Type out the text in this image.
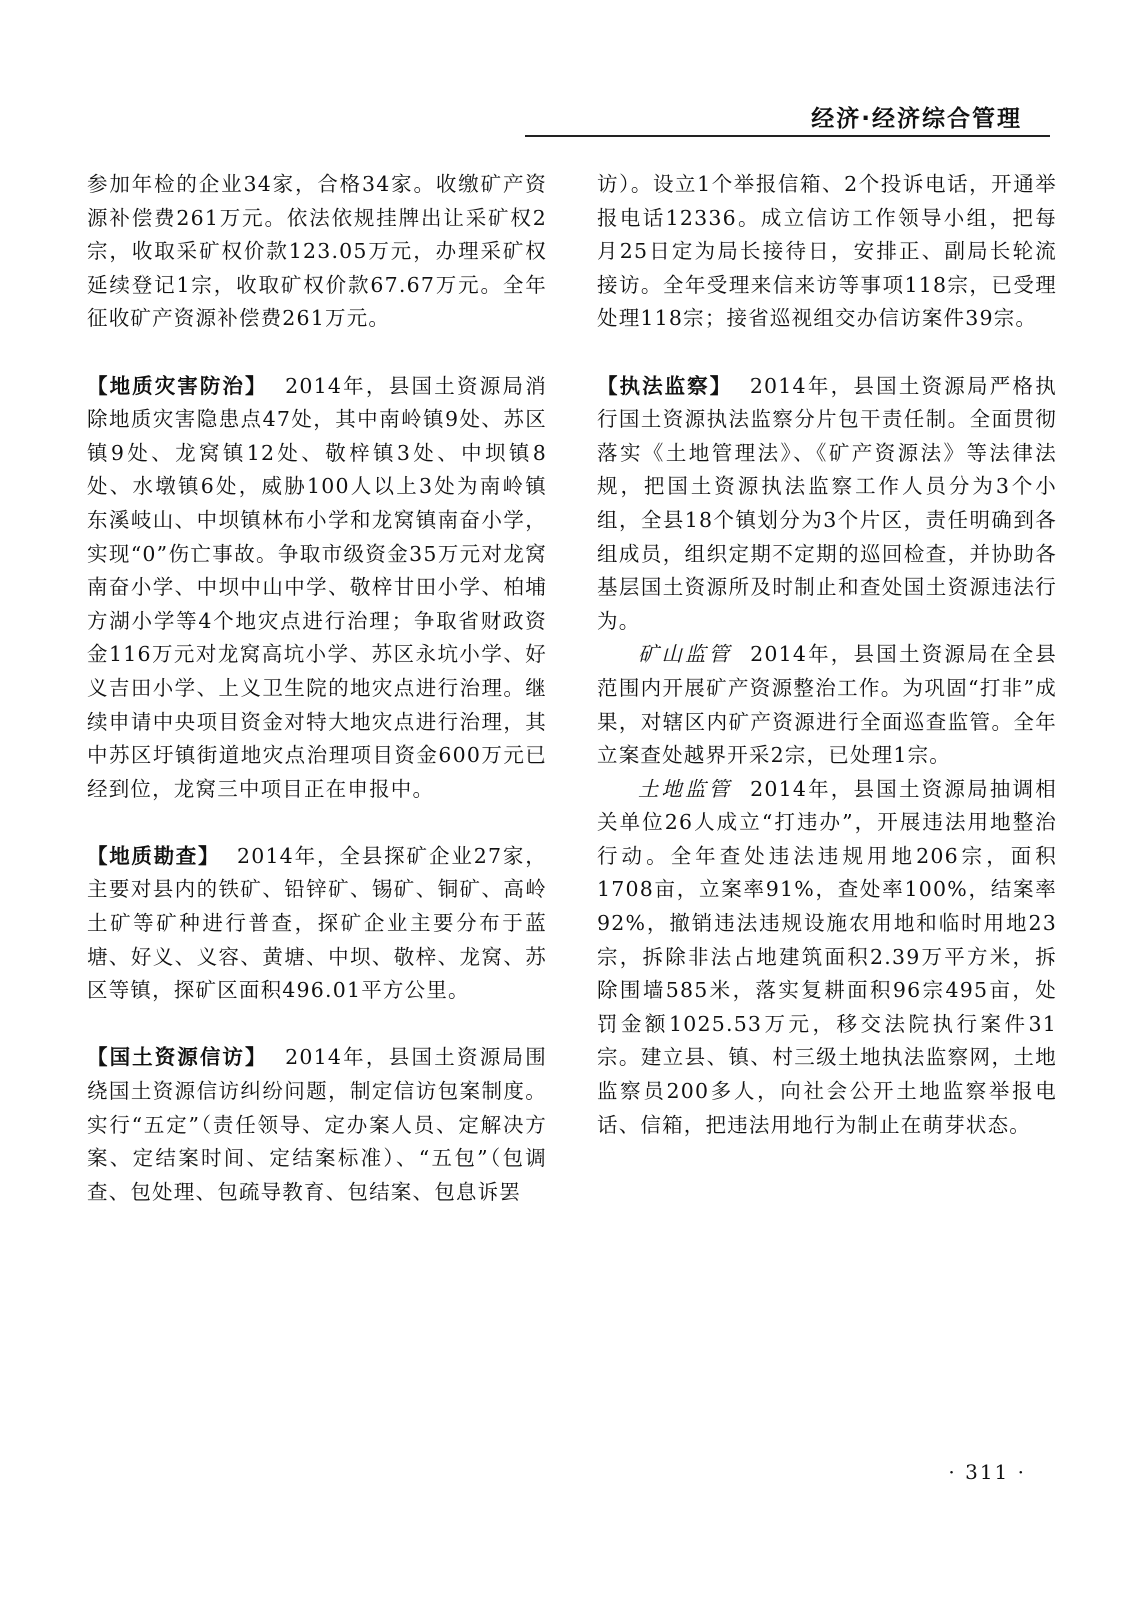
经济·经济综合管理

参加年检的企业34家，合格34家。收缴矿产资源补偿费261万元。依法依规挂牌出让采矿权2宗，收取采矿权价款123.05万元，办理采矿权延续登记1宗，收取矿权价款67.67万元。全年征收矿产资源补偿费261万元。

【地质灾害防治】 2014年，县国土资源局消除地质灾害隐患点47处，其中南岭镇9处、苏区镇9处、龙窝镇12处、敬梓镇3处、中坝镇8处、水墩镇6处，威胁100人以上3处为南岭镇东溪岐山、中坝镇林布小学和龙窝镇南奋小学，实现“0”伤亡事故。争取市级资金35万元对龙窝南奋小学、中坝中山中学、敬梓甘田小学、柏埔方湖小学等4个地灾点进行治理；争取省财政资金116万元对龙窝高坑小学、苏区永坑小学、好义吉田小学、上义卫生院的地灾点进行治理。继续申请中央项目资金对特大地灾点进行治理，其中苏区圩镇街道地灾点治理项目资金600万元已经到位，龙窝三中项目正在申报中。

【地质勘查】 2014年，全县探矿企业27家，主要对县内的铁矿、铅锌矿、锡矿、铜矿、高岭土矿等矿种进行普查，探矿企业主要分布于蓝塘、好义、义容、黄塘、中坝、敬梓、龙窝、苏区等镇，探矿区面积496.01平方公里。

【国土资源信访】 2014年，县国土资源局围绕国土资源信访纠纷问题，制定信访包案制度。实行“五定”（责任领导、定办案人员、定解决方案、定结案时间、定结案标准）、“五包”（包调查、包处理、包疏导教育、包结案、包息诉罢

访）。设立1个举报信箱、2个投诉电话，开通举报电话12336。成立信访工作领导小组，把每月25日定为局长接待日，安排正、副局长轮流接访。全年受理来信来访等事项118宗，已受理处理118宗；接省巡视组交办信访案件39宗。

【执法监察】 2014年，县国土资源局严格执行国土资源执法监察分片包干责任制。全面贯彻落实《土地管理法》、《矿产资源法》等法律法规，把国土资源执法监察工作人员分为3个小组，全县18个镇划分为3个片区，责任明确到各组成员，组织定期不定期的巡回检查，并协助各基层国土资源所及时制止和查处国土资源违法行为。

矿山监管 2014年，县国土资源局在全县范围内开展矿产资源整治工作。为巩固“打非”成果，对辖区内矿产资源进行全面巡查监管。全年立案查处越界开采2宗，已处理1宗。

土地监管 2014年，县国土资源局抽调相关单位26人成立“打违办”，开展违法用地整治行动。全年查处违法违规用地206宗，面积1708亩，立案率91%，查处率100%，结案率92%，撤销违法违规设施农用地和临时用地23宗，拆除非法占地建筑面积2.39万平方米，拆除围墙585米，落实复耕面积96宗495亩，处罚金额1025.53万元，移交法院执行案件31宗。建立县、镇、村三级土地执法监察网，土地监察员200多人，向社会公开土地监察举报电话、信箱，把违法用地行为制止在萌芽状态。

· 311 ·
